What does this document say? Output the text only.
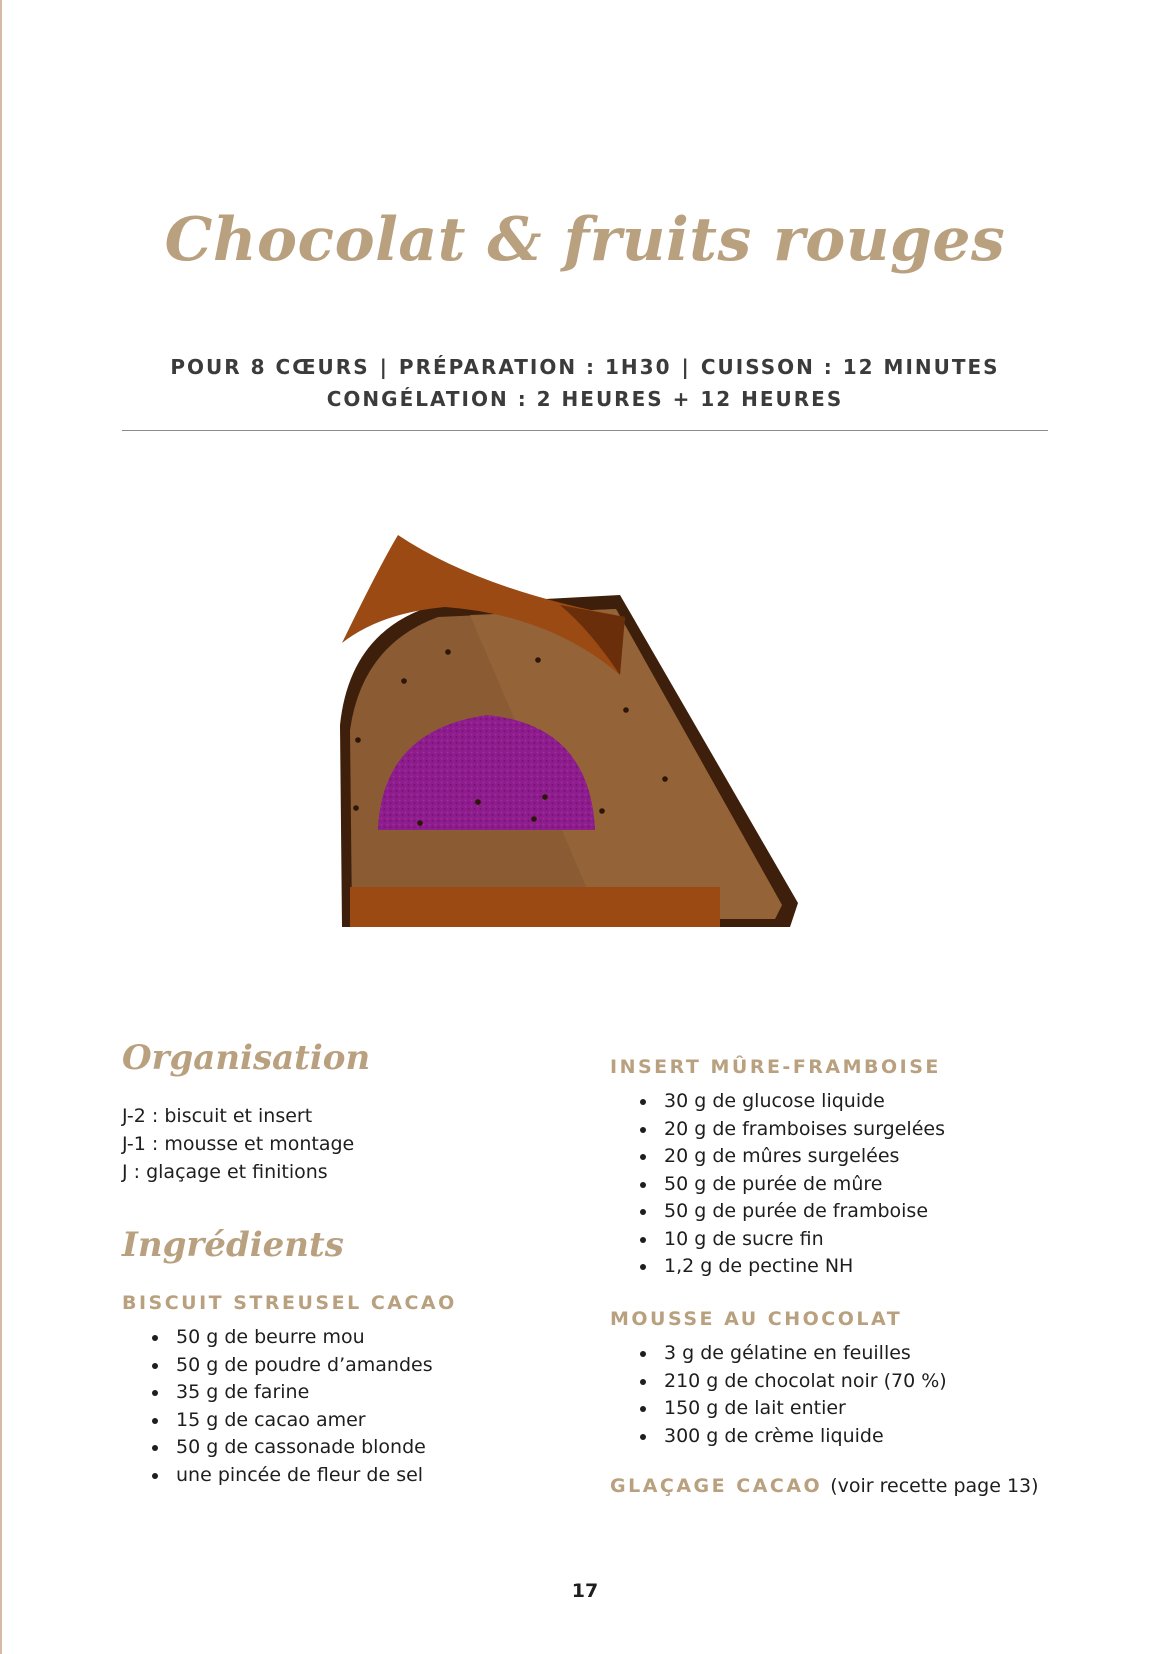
Chocolat & fruits rouges
POUR 8 CŒURS | PRÉPARATION : 1H30 | CUISSON : 12 MINUTES
CONGÉLATION : 2 HEURES + 12 HEURES
Organisation
J-2 : biscuit et insert
J-1 : mousse et montage
J : glaçage et finitions
Ingrédients
BISCUIT STREUSEL CACAO
50 g de beurre mou
50 g de poudre d’amandes
35 g de farine
15 g de cacao amer
50 g de cassonade blonde
une pincée de fleur de sel
INSERT MÛRE-FRAMBOISE
30 g de glucose liquide
20 g de framboises surgelées
20 g de mûres surgelées
50 g de purée de mûre
50 g de purée de framboise
10 g de sucre fin
1,2 g de pectine NH
MOUSSE AU CHOCOLAT
3 g de gélatine en feuilles
210 g de chocolat noir (70 %)
150 g de lait entier
300 g de crème liquide
GLAÇAGE CACAO (voir recette page 13)
17
